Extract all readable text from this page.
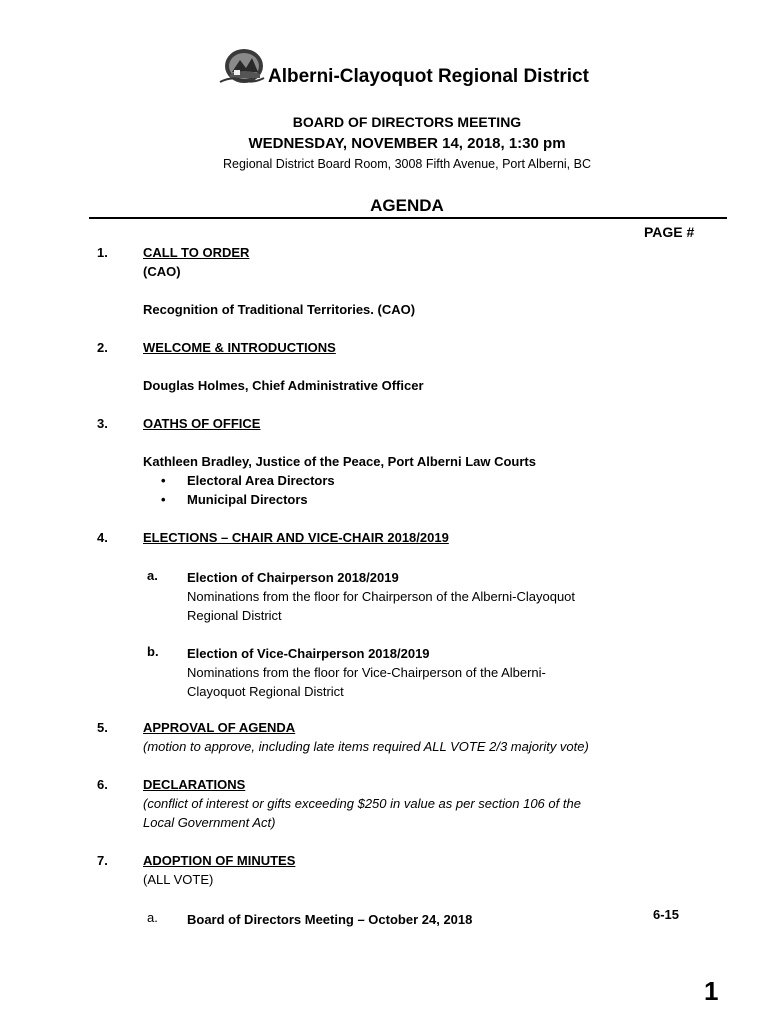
Alberni-Clayoquot Regional District
BOARD OF DIRECTORS MEETING
WEDNESDAY, NOVEMBER 14, 2018, 1:30 pm
Regional District Board Room, 3008 Fifth Avenue, Port Alberni, BC
AGENDA
PAGE #
1.	CALL TO ORDER
(CAO)
Recognition of Traditional Territories. (CAO)
2.	WELCOME & INTRODUCTIONS
Douglas Holmes, Chief Administrative Officer
3.	OATHS OF OFFICE
Kathleen Bradley, Justice of the Peace, Port Alberni Law Courts
• Electoral Area Directors
• Municipal Directors
4.	ELECTIONS – CHAIR AND VICE-CHAIR 2018/2019
a. Election of Chairperson 2018/2019
Nominations from the floor for Chairperson of the Alberni-Clayoquot
Regional District
b. Election of Vice-Chairperson 2018/2019
Nominations from the floor for Vice-Chairperson of the Alberni-
Clayoquot Regional District
5.	APPROVAL OF AGENDA
(motion to approve, including late items required ALL VOTE 2/3 majority vote)
6.	DECLARATIONS
(conflict of interest or gifts exceeding $250 in value as per section 106 of the
Local Government Act)
7.	ADOPTION OF MINUTES
(ALL VOTE)
a. Board of Directors Meeting – October 24, 2018	6-15
1
